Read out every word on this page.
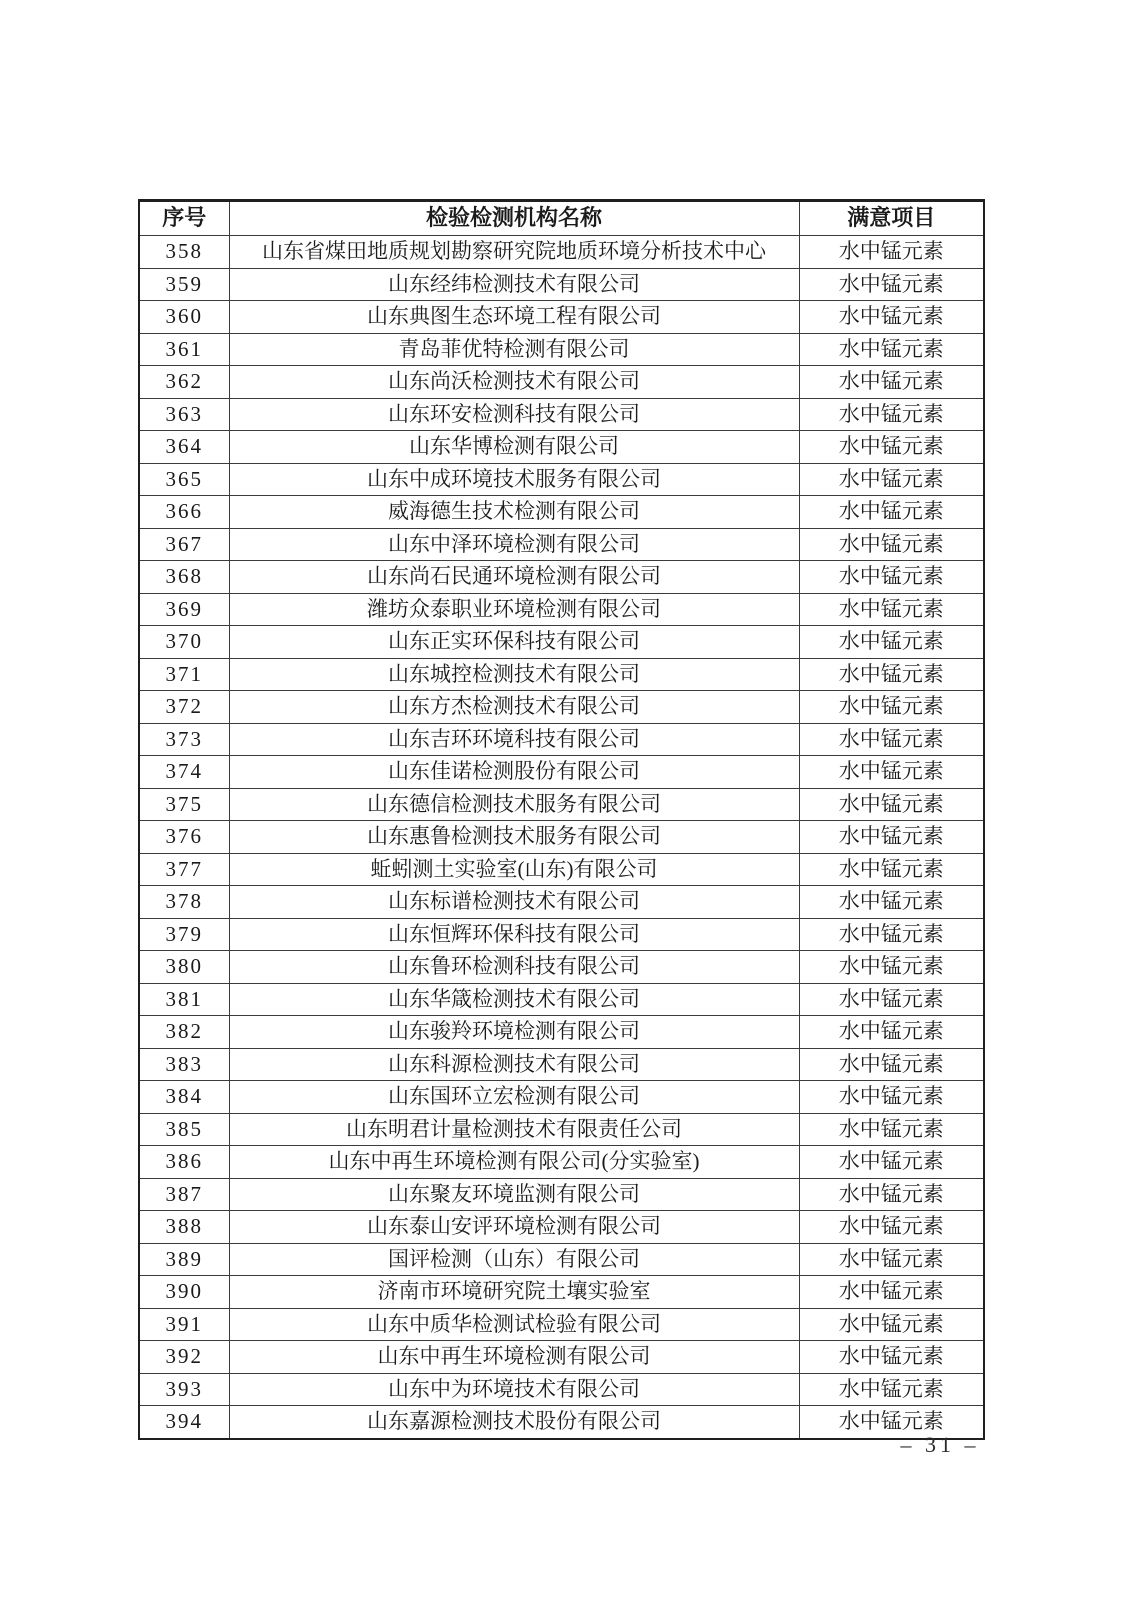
序号	检验检测机构名称	满意项目
358	山东省煤田地质规划勘察研究院地质环境分析技术中心	水中锰元素
359	山东经纬检测技术有限公司	水中锰元素
360	山东典图生态环境工程有限公司	水中锰元素
361	青岛菲优特检测有限公司	水中锰元素
362	山东尚沃检测技术有限公司	水中锰元素
363	山东环安检测科技有限公司	水中锰元素
364	山东华博检测有限公司	水中锰元素
365	山东中成环境技术服务有限公司	水中锰元素
366	威海德生技术检测有限公司	水中锰元素
367	山东中泽环境检测有限公司	水中锰元素
368	山东尚石民通环境检测有限公司	水中锰元素
369	潍坊众泰职业环境检测有限公司	水中锰元素
370	山东正实环保科技有限公司	水中锰元素
371	山东城控检测技术有限公司	水中锰元素
372	山东方杰检测技术有限公司	水中锰元素
373	山东吉环环境科技有限公司	水中锰元素
374	山东佳诺检测股份有限公司	水中锰元素
375	山东德信检测技术服务有限公司	水中锰元素
376	山东惠鲁检测技术服务有限公司	水中锰元素
377	蚯蚓测土实验室(山东)有限公司	水中锰元素
378	山东标谱检测技术有限公司	水中锰元素
379	山东恒辉环保科技有限公司	水中锰元素
380	山东鲁环检测科技有限公司	水中锰元素
381	山东华箴检测技术有限公司	水中锰元素
382	山东骏羚环境检测有限公司	水中锰元素
383	山东科源检测技术有限公司	水中锰元素
384	山东国环立宏检测有限公司	水中锰元素
385	山东明君计量检测技术有限责任公司	水中锰元素
386	山东中再生环境检测有限公司(分实验室)	水中锰元素
387	山东聚友环境监测有限公司	水中锰元素
388	山东泰山安评环境检测有限公司	水中锰元素
389	国评检测（山东）有限公司	水中锰元素
390	济南市环境研究院土壤实验室	水中锰元素
391	山东中质华检测试检验有限公司	水中锰元素
392	山东中再生环境检测有限公司	水中锰元素
393	山东中为环境技术有限公司	水中锰元素
394	山东嘉源检测技术股份有限公司	水中锰元素
– 31 –
